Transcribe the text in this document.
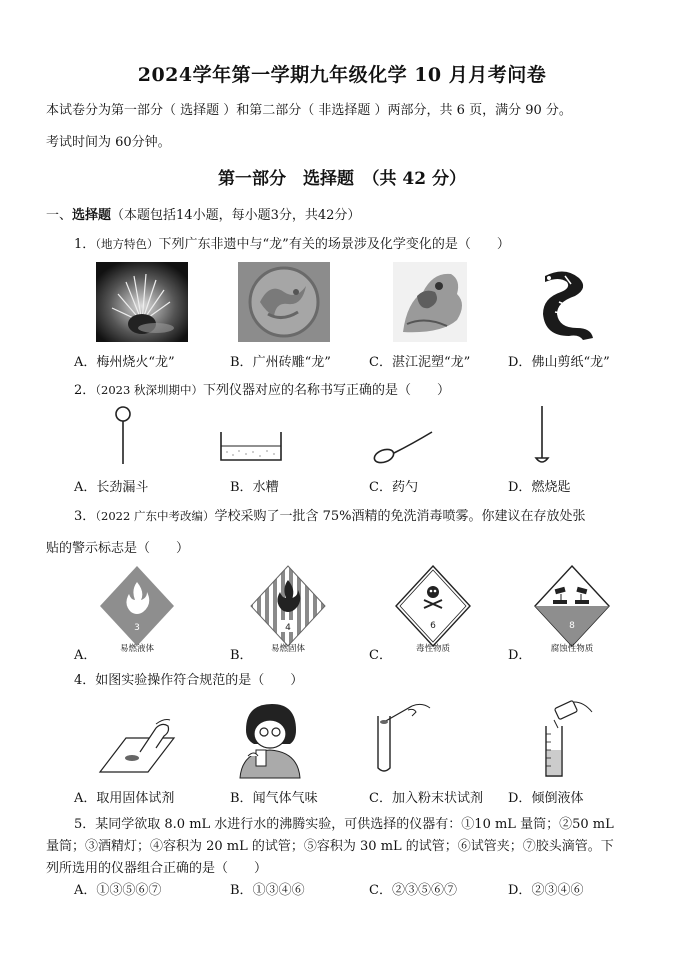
2024学年第一学期九年级化学 10 月月考问卷
本试卷分为第一部分（ 选择题 ）和第二部分（ 非选择题 ）两部分，共 6 页，满分 90 分。
考试时间为 60分钟。
第一部分　选择题　（共 42 分）
一、选择题（本题包括14小题，每小题3分，共42分）
1．（地方特色）下列广东非遗中与“龙”有关的场景涉及化学变化的是（　　）
A．梅州烧火“龙”	B．广州砖雕“龙”	C．湛江泥塑“龙”	D．佛山剪纸“龙”
2．（2023 秋深圳期中）下列仪器对应的名称书写正确的是（　　）
A．长劲漏斗	B．水糟	C．药勺	D．燃烧匙
3．（2022 广东中考改编）学校采购了一批含 75%酒精的免洗消毒喷雾。你建议在存放处张
贴的警示标志是（　　）
3
易燃液体
4
易燃固体
6
毒性物质
8
腐蚀性物质
A．	B．	C．	D．
4．如图实验操作符合规范的是（　　）
A．取用固体试剂	B．闻气体气味	C．加入粉末状试剂 D．倾倒液体
5．某同学欲取 8.0 mL 水进行水的沸腾实验，可供选择的仪器有：①10 mL 量筒；②50 mL
量筒；③酒精灯；④容积为 20 mL 的试管；⑤容积为 30 mL 的试管；⑥试管夹；⑦胶头滴管。下
列所选用的仪器组合正确的是（　　）
A．①③⑤⑥⑦	B．①③④⑥	C．②③⑤⑥⑦	D．②③④⑥
